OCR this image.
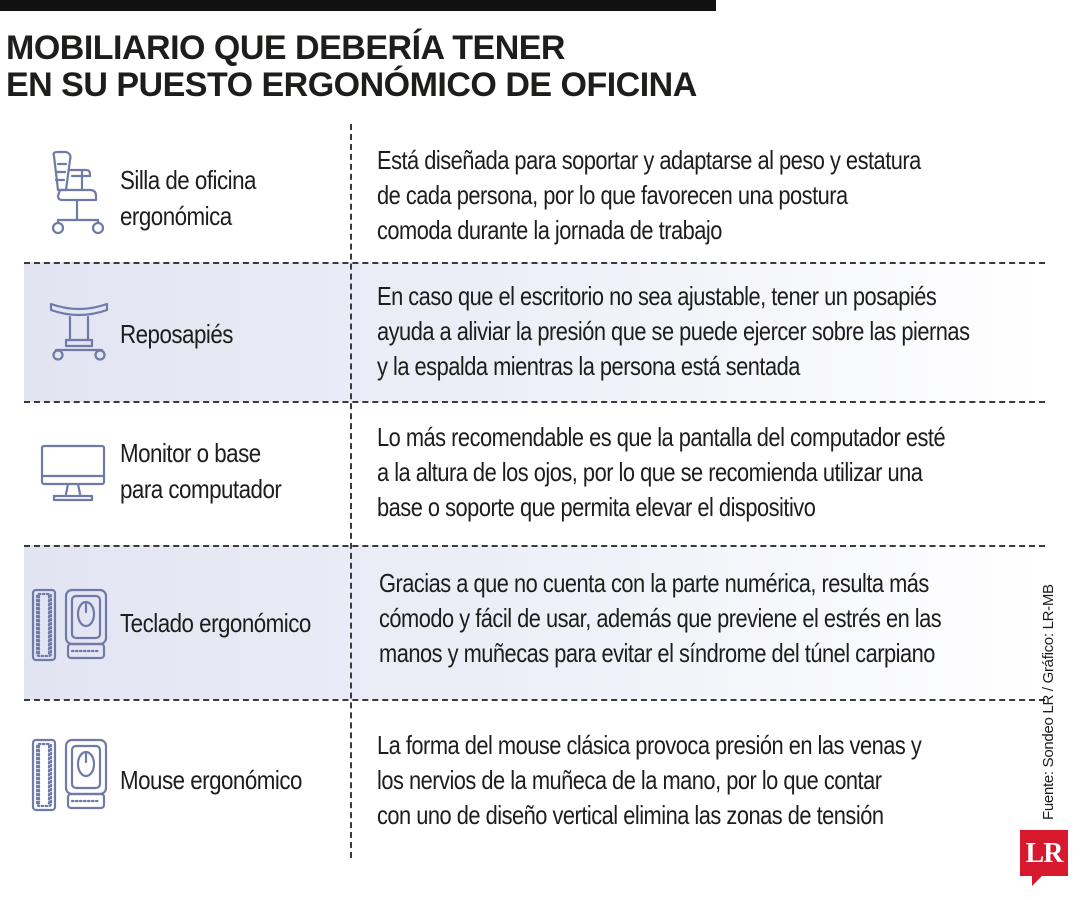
MOBILIARIO QUE DEBERÍA TENER
EN SU PUESTO ERGONÓMICO DE OFICINA
Silla de oficina
ergonómica
Está diseñada para soportar y adaptarse al peso y estatura
de cada persona, por lo que favorecen una postura
comoda durante la jornada de trabajo
Reposapiés
En caso que el escritorio no sea ajustable, tener un posapiés
ayuda a aliviar la presión que se puede ejercer sobre las piernas
y la espalda mientras la persona está sentada
Monitor o base
para computador
Lo más recomendable es que la pantalla del computador esté
a la altura de los ojos, por lo que se recomienda utilizar una
base o soporte que permita elevar el dispositivo
Teclado ergonómico
Gracias a que no cuenta con la parte numérica, resulta más
cómodo y fácil de usar, además que previene el estrés en las
manos y muñecas para evitar el síndrome del túnel carpiano
Mouse ergonómico
La forma del mouse clásica provoca presión en las venas y
los nervios de la muñeca de la mano, por lo que contar
con uno de diseño vertical elimina las zonas de tensión	Fuente: Sondeo LR / Gráfico: LR-MB
LR
